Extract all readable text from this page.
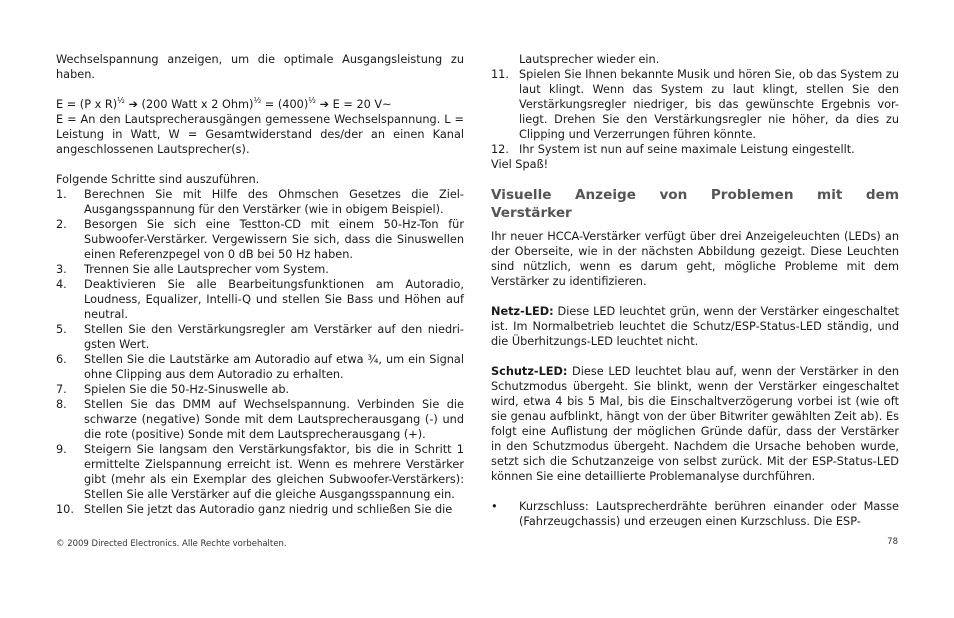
Wechselspannung anzeigen, um die optimale Ausgangsleistung zu haben.

E = (P x R)$^{\frac{1}{2}}$ ➔ (200 Watt x 2 $Ohm)^{\frac{1}{2}} = (400)^{\frac{1}{2}}$ ➔ E = 20 V~

E = An den Lautsprecherausgängen gemessene Wechselspannung. L = Leistung in Watt, W = Gesamtwiderstand des/der an einen Kanal angeschlossenen Lautsprecher(s).

Folgende Schritte sind auszuführen.

1.	Berechnen Sie mit Hilfe des Ohmschen Gesetzes die Ziel-Ausgangsspannung für den Verstärker (wie in obigem Beispiel).
2.	Besorgen Sie sich eine Testton-CD mit einem 50-Hz-Ton für Subwoofer-Verstärker. Vergewissern Sie sich, dass die Sinuswellen einen Referenzpegel von 0 dB bei 50 Hz haben.
3.	Trennen Sie alle Lautsprecher vom System.
4.	Deaktivieren Sie alle Bearbeitungsfunktionen am Autoradio, Loudness, Equalizer, Intelli-Q und stellen Sie Bass und Höhen auf neutral.
5.	Stellen Sie den Verstärkungsregler am Verstärker auf den niedri-gsten Wert.
6.	Stellen Sie die Lautstärke am Autoradio auf etwa ¾, um ein Signal ohne Clipping aus dem Autoradio zu erhalten.
7.	Spielen Sie die 50-Hz-Sinuswelle ab.
8.	Stellen Sie das DMM auf Wechselspannung. Verbinden Sie die schwarze (negative) Sonde mit dem Lautsprecherausgang (-) und die rote (positive) Sonde mit dem Lautsprecherausgang (+).
9.	Steigern Sie langsam den Verstärkungsfaktor, bis die in Schritt 1 ermittelte Zielspannung erreicht ist. Wenn es mehrere Verstärker gibt (mehr als ein Exemplar des gleichen Subwoofer-Verstärkers): Stellen Sie alle Verstärker auf die gleiche Ausgangsspannung ein.
10. Stellen Sie jetzt das Autoradio ganz niedrig und schließen Sie die

Lautsprecher wieder ein.

11. Spielen Sie Ihnen bekannte Musik und hören Sie, ob das System zu laut klingt. Wenn das System zu laut klingt, stellen Sie den Verstärkungsregler niedriger, bis das gewünschte Ergebnis vor-liegt. Drehen Sie den Verstärkungsregler nie höher, da dies zu Clipping und Verzerrungen führen könnte.
12. Ihr System ist nun auf seine maximale Leistung eingestellt.

Viel Spaß!

Visuelle Anzeige von Problemen mit dem
Verstärker

Ihr neuer HCCA-Verstärker verfügt über drei Anzeigeleuchten (LEDs) an der Oberseite, wie in der nächsten Abbildung gezeigt. Diese Leuchten sind nützlich, wenn es darum geht, mögliche Probleme mit dem Verstärker zu identifizieren.

Netz-LED: Diese LED leuchtet grün, wenn der Verstärker eingeschaltet ist. Im Normalbetrieb leuchtet die Schutz/ESP-Status-LED ständig, und die Überhitzungs-LED leuchtet nicht.

Schutz-LED: Diese LED leuchtet blau auf, wenn der Verstärker in den Schutzmodus übergeht. Sie blinkt, wenn der Verstärker eingeschaltet wird, etwa 4 bis 5 Mal, bis die Einschaltverzögerung vorbei ist (wie oft sie genau aufblinkt, hängt von der über Bitwriter gewählten Zeit ab). Es folgt eine Auflistung der möglichen Gründe dafür, dass der Verstärker in den Schutzmodus übergeht. Nachdem die Ursache behoben wurde, setzt sich die Schutzanzeige von selbst zurück. Mit der ESP-Status-LED können Sie eine detaillierte Problemanalyse durchführen.

•	Kurzschluss: Lautsprecherdrähte berühren einander oder Masse (Fahrzeugchassis) und erzeugen einen Kurzschluss. Die ESP-
© 2009 Directed Electronics. Alle Rechte vorbehalten.	78
